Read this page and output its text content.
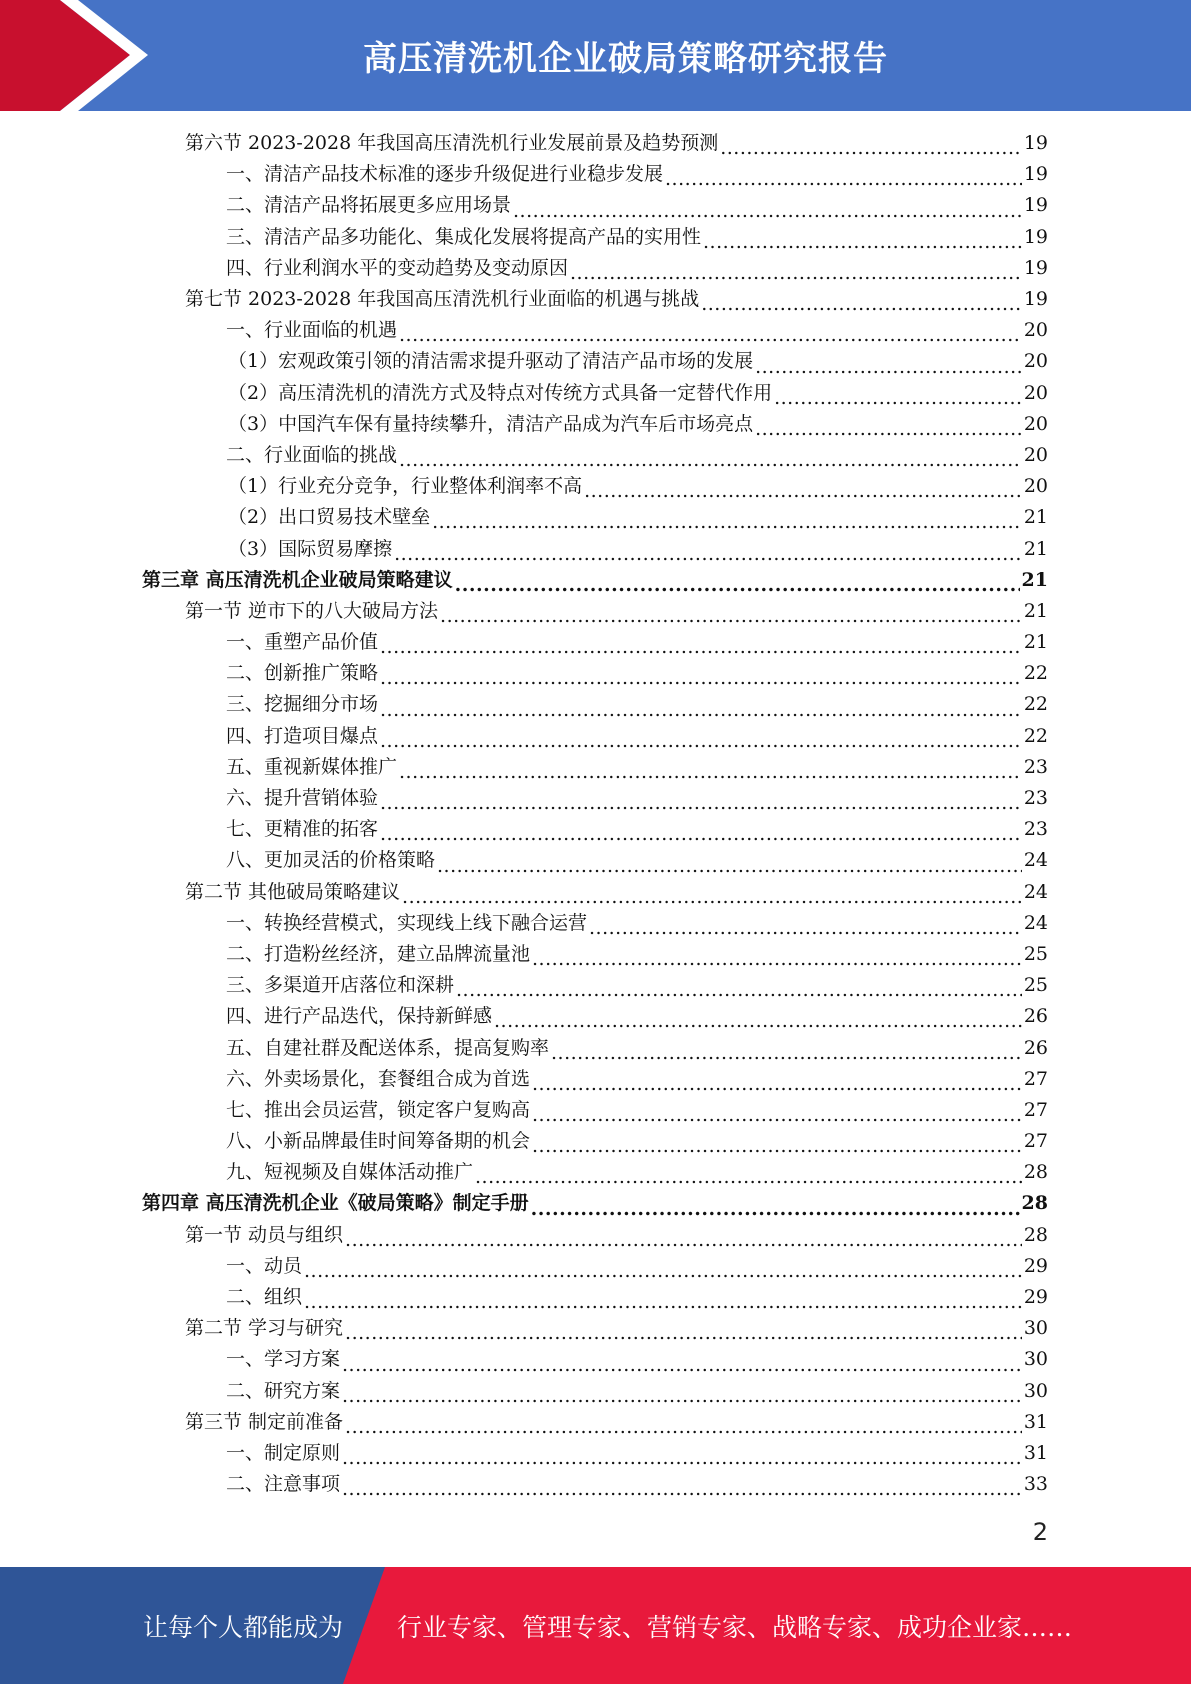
高压清洗机企业破局策略研究报告
第六节 2023-2028 年我国高压清洗机行业发展前景及趋势预测 .....	19
一、清洁产品技术标准的逐步升级促进行业稳步发展 .....	19
二、清洁产品将拓展更多应用场景 .....	19
三、清洁产品多功能化、集成化发展将提高产品的实用性 .....	19
四、行业利润水平的变动趋势及变动原因 .....	19
第七节 2023-2028 年我国高压清洗机行业面临的机遇与挑战 .....	19
一、行业面临的机遇 .....	20
（1）宏观政策引领的清洁需求提升驱动了清洁产品市场的发展 .....	20
（2）高压清洗机的清洗方式及特点对传统方式具备一定替代作用 .....	20
（3）中国汽车保有量持续攀升，清洁产品成为汽车后市场亮点 .....	20
二、行业面临的挑战 .....	20
（1）行业充分竞争，行业整体利润率不高 .....	20
（2）出口贸易技术壁垒 .....	21
（3）国际贸易摩擦 .....	21
第三章 高压清洗机企业破局策略建议 .....	21
第一节 逆市下的八大破局方法 .....	21
一、重塑产品价值 .....	21
二、创新推广策略 .....	22
三、挖掘细分市场 .....	22
四、打造项目爆点 .....	22
五、重视新媒体推广 .....	23
六、提升营销体验 .....	23
七、更精准的拓客 .....	23
八、更加灵活的价格策略 .....	24
第二节 其他破局策略建议 .....	24
一、转换经营模式，实现线上线下融合运营 .....	24
二、打造粉丝经济，建立品牌流量池 .....	25
三、多渠道开店落位和深耕 .....	25
四、进行产品迭代，保持新鲜感 .....	26
五、自建社群及配送体系，提高复购率 .....	26
六、外卖场景化，套餐组合成为首选 .....	27
七、推出会员运营，锁定客户复购高 .....	27
八、小新品牌最佳时间筹备期的机会 .....	27
九、短视频及自媒体活动推广 .....	28
第四章 高压清洗机企业《破局策略》制定手册 .....	28
第一节 动员与组织 .....	28
一、动员 .....	29
二、组织 .....	29
第二节 学习与研究 .....	30
一、学习方案 .....	30
二、研究方案 .....	30
第三节 制定前准备 .....	31
一、制定原则 .....	31
二、注意事项 .....	33
2
让每个人都能成为 行业专家、管理专家、营销专家、战略专家、成功企业家……
